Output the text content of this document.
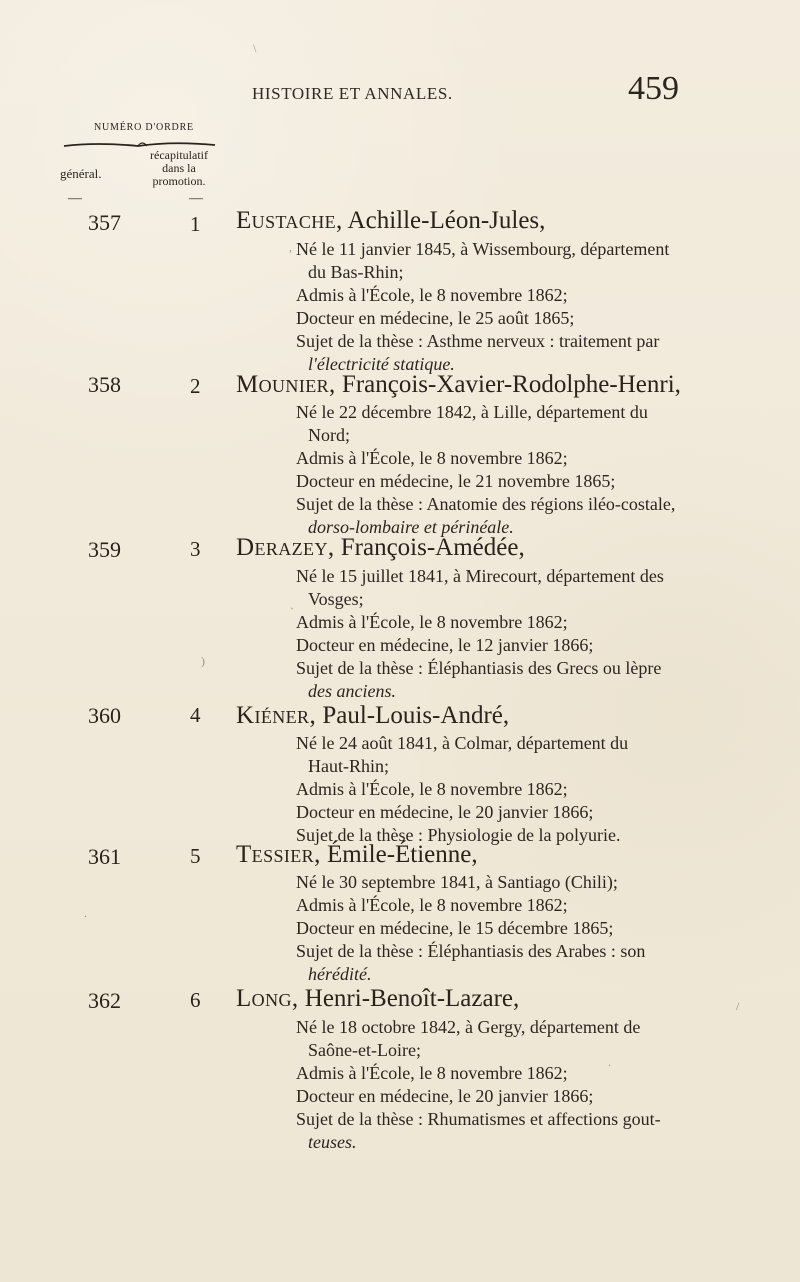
HISTOIRE ET ANNALES.	459
NUMÉRO D'ORDRE
général.
récapitulatif
dans la
promotion.
—	—
357	1 Eustache, Achille-Léon-Jules,
Né le 11 janvier 1845, à Wissembourg, département
du Bas-Rhin;
Admis à l'École, le 8 novembre 1862;
Docteur en médecine, le 25 août 1865;
Sujet de la thèse : Asthme nerveux : traitement par
l'électricité statique.
358	2 Mounier, François-Xavier-Rodolphe-Henri,
Né le 22 décembre 1842, à Lille, département du
Nord;
Admis à l'École, le 8 novembre 1862;
Docteur en médecine, le 21 novembre 1865;
Sujet de la thèse : Anatomie des régions iléo-costale,
dorso-lombaire et périnéale.
359	3 Derazey, François-Amédée,
Né le 15 juillet 1841, à Mirecourt, département des
Vosges;
Admis à l'École, le 8 novembre 1862;
Docteur en médecine, le 12 janvier 1866;
Sujet de la thèse : Éléphantiasis des Grecs ou lèpre
des anciens.
360	4 Kiéner, Paul-Louis-André,
Né le 24 août 1841, à Colmar, département du
Haut-Rhin;
Admis à l'École, le 8 novembre 1862;
Docteur en médecine, le 20 janvier 1866;
Sujet de la thèse : Physiologie de la polyurie.
361	5 Tessier, Émile-Étienne,
Né le 30 septembre 1841, à Santiago (Chili);
Admis à l'École, le 8 novembre 1862;
Docteur en médecine, le 15 décembre 1865;
Sujet de la thèse : Éléphantiasis des Arabes : son
hérédité.
362	6 Long, Henri-Benoît-Lazare,
Né le 18 octobre 1842, à Gergy, département de
Saône-et-Loire;
Admis à l'École, le 8 novembre 1862;
Docteur en médecine, le 20 janvier 1866;
Sujet de la thèse : Rhumatismes et affections gout-
teuses.
\
,
`
)
.
.
/
